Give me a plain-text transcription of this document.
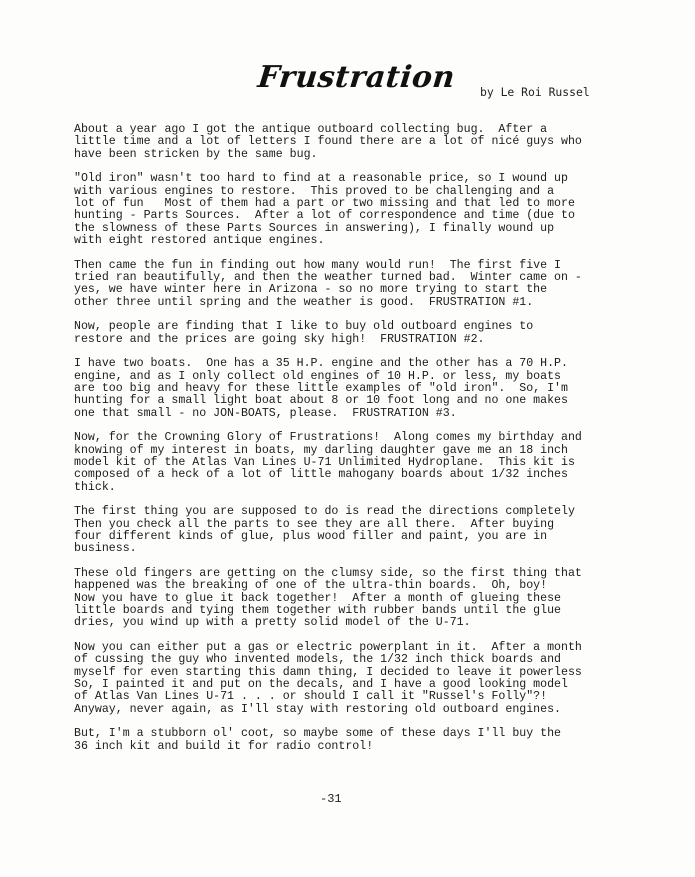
Frustration by Le Roi Russel

About a year ago I got the antique outboard collecting bug.  After a
little time and a lot of letters I found there are a lot of nicé guys who
have been stricken by the same bug.

"Old iron" wasn't too hard to find at a reasonable price, so I wound up
with various engines to restore.  This proved to be challenging and a
lot of fun   Most of them had a part or two missing and that led to more
hunting - Parts Sources.  After a lot of correspondence and time (due to
the slowness of these Parts Sources in answering), I finally wound up
with eight restored antique engines.

Then came the fun in finding out how many would run!  The first five I
tried ran beautifully, and then the weather turned bad.  Winter came on -
yes, we have winter here in Arizona - so no more trying to start the
other three until spring and the weather is good.  FRUSTRATION #1.

Now, people are finding that I like to buy old outboard engines to
restore and the prices are going sky high!  FRUSTRATION #2.

I have two boats.  One has a 35 H.P. engine and the other has a 70 H.P.
engine, and as I only collect old engines of 10 H.P. or less, my boats
are too big and heavy for these little examples of "old iron".  So, I'm
hunting for a small light boat about 8 or 10 foot long and no one makes
one that small - no JON-BOATS, please.  FRUSTRATION #3.

Now, for the Crowning Glory of Frustrations!  Along comes my birthday and
knowing of my interest in boats, my darling daughter gave me an 18 inch
model kit of the Atlas Van Lines U-71 Unlimited Hydroplane.  This kit is
composed of a heck of a lot of little mahogany boards about 1/32 inches
thick.

The first thing you are supposed to do is read the directions completely
Then you check all the parts to see they are all there.  After buying
four different kinds of glue, plus wood filler and paint, you are in
business.

These old fingers are getting on the clumsy side, so the first thing that
happened was the breaking of one of the ultra-thin boards.  Oh, boy!
Now you have to glue it back together!  After a month of glueing these
little boards and tying them together with rubber bands until the glue
dries, you wind up with a pretty solid model of the U-71.

Now you can either put a gas or electric powerplant in it.  After a month
of cussing the guy who invented models, the 1/32 inch thick boards and
myself for even starting this damn thing, I decided to leave it powerless
So, I painted it and put on the decals, and I have a good looking model
of Atlas Van Lines U-71 . . . or should I call it "Russel's Folly"?!
Anyway, never again, as I'll stay with restoring old outboard engines.

But, I'm a stubborn ol' coot, so maybe some of these days I'll buy the
36 inch kit and build it for radio control!

-31
